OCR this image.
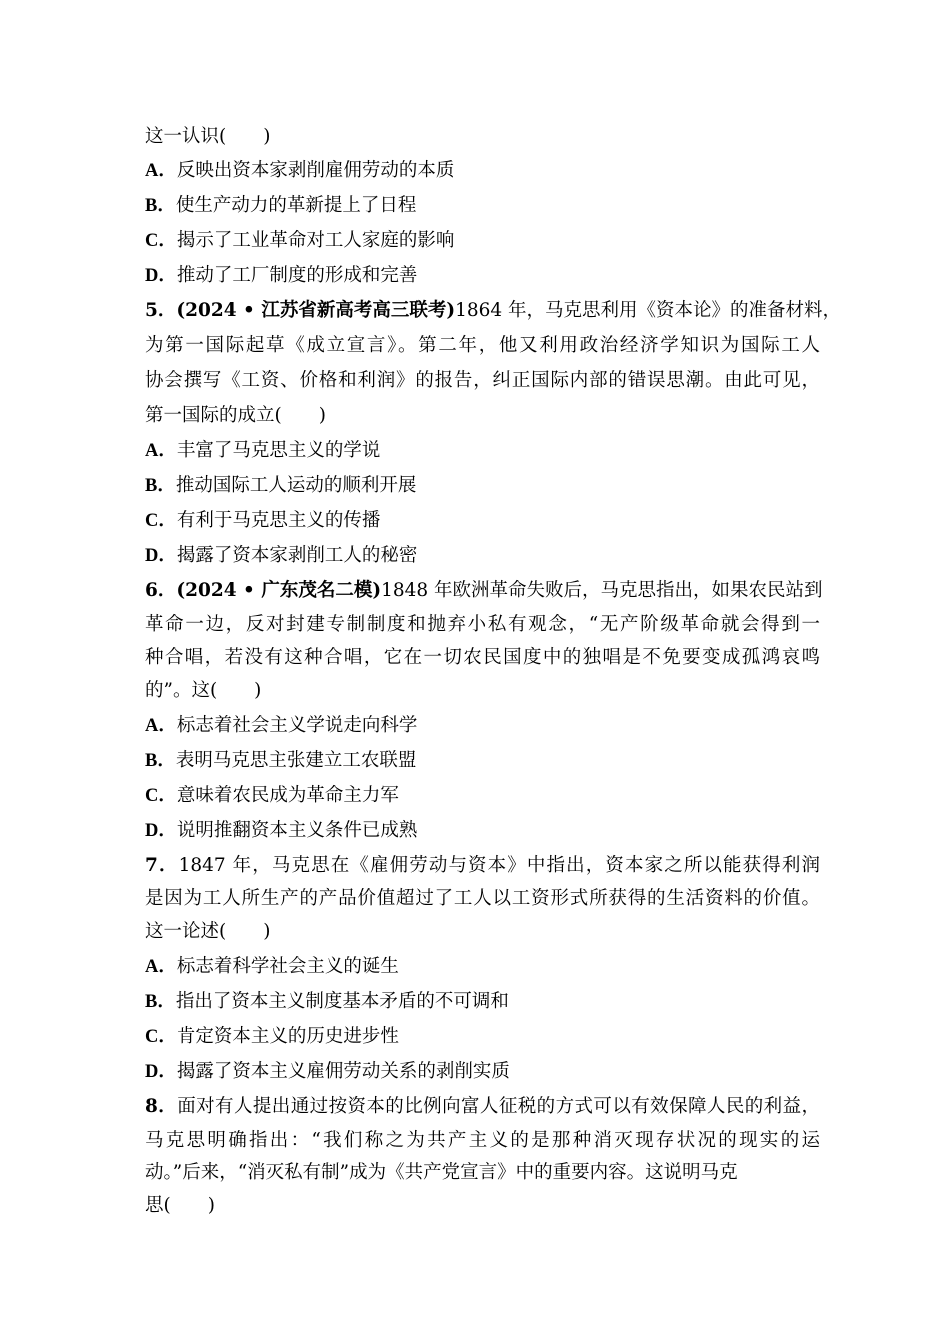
这一认识(　　)
A．反映出资本家剥削雇佣劳动的本质
B．使生产动力的革新提上了日程
C．揭示了工业革命对工人家庭的影响
D．推动了工厂制度的形成和完善
5．(2024 • 江苏省新高考高三联考)1864 年，马克思利用《资本论》的准备材料，
为第一国际起草《成立宣言》。第二年，他又利用政治经济学知识为国际工人
协会撰写《工资、价格和利润》的报告，纠正国际内部的错误思潮。由此可见，
第一国际的成立(　　)
A．丰富了马克思主义的学说
B．推动国际工人运动的顺利开展
C．有利于马克思主义的传播
D．揭露了资本家剥削工人的秘密
6．(2024 • 广东茂名二模)1848 年欧洲革命失败后，马克思指出，如果农民站到
革命一边，反对封建专制制度和抛弃小私有观念，“无产阶级革命就会得到一
种合唱，若没有这种合唱，它在一切农民国度中的独唱是不免要变成孤鸿哀鸣
的”。这(　　)
A．标志着社会主义学说走向科学
B．表明马克思主张建立工农联盟
C．意味着农民成为革命主力军
D．说明推翻资本主义条件已成熟
7．1847 年，马克思在《雇佣劳动与资本》中指出，资本家之所以能获得利润
是因为工人所生产的产品价值超过了工人以工资形式所获得的生活资料的价值。
这一论述(　　)
A．标志着科学社会主义的诞生
B．指出了资本主义制度基本矛盾的不可调和
C．肯定资本主义的历史进步性
D．揭露了资本主义雇佣劳动关系的剥削实质
8．面对有人提出通过按资本的比例向富人征税的方式可以有效保障人民的利益，
马克思明确指出：“我们称之为共产主义的是那种消灭现存状况的现实的运
动。”后来，“消灭私有制”成为《共产党宣言》中的重要内容。这说明马克
思(　　)
